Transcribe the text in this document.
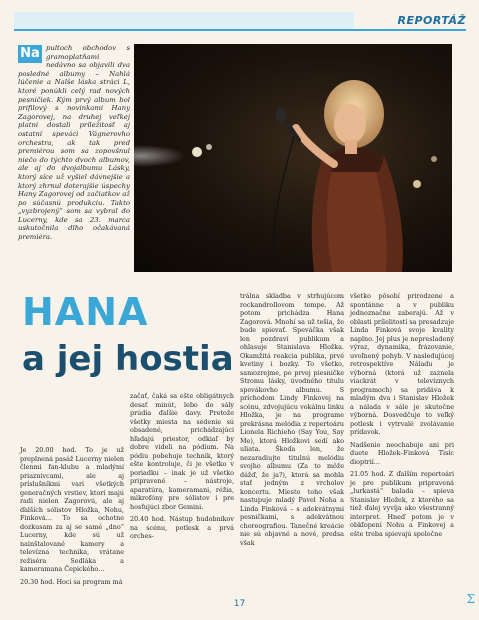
REPORTÁŽ
Na pultoch obchodov s gramoplatňami nedávno sa objavili dva posledné albumy – Nahlá lúčenie a Nalše láska stráci L, ktoré ponúkli celý rad nových pesničiek. Kým prvý album bol prifilový s novinkami Hany Zagorovej, na druhej veľkej platni dostali príležitosť aj ostatní speváci Vágnerovho orchestra, ak tak pred premiérou som sa zopovšnul niečo do týchto dvoch albumov, ale aj do dvojalbumu Lásky, ktorý síce už vyšiel dávnejšie a ktorý zhrnul doterajšie úspechy Hany Zagorovej od začiatkov až po súčasnú produkciu. Takto „vyzbrojený“ som sa vybral do Lucerny, kde sa 23. marca uskutočnila dlho očakávaná premiéra.
HANA
a jej hostia

Je 20.00 hod. To je už preplnená pasáž Lucerny nielen členmi fan-klubu a mladými priaznivcami, ale aj príslušníkmi vari všetkých generačných vrstiev, ktorí majú radi nielen Zagorovú, ale aj ďalších sólistov Hložka, Nohu, Finková… To sa ochotne dozkusam za aj se samé „dno“ Lucerny, kde sú už nainštalované kamery a televízna technika, vrátane režiséra Sedláka a kameramana Čepického…

20.30 hod. Hoci sa program má

začať, čaká sa ešte obligátnych desať minút, lebo do sály prúdia ďalšie davy. Pretože všetky miesta na sedenie sú obsadené, prichádzajúci hľadajú priestor, odkiaľ by dobre videli na pódium. Na pódiu pobehuje technik, ktorý ešte kontroluje, či je všetko v poriadku – inak je už všetko pripravené – nástroje, aparatúra, kameramani, réžia, mikrofóny pre sólistov i pre hosťujúci zbor Gemini.

20.40 hod. Nástup hudobníkov na scénu, potlesk a prvá orches-

trálna skladba v strhujúcom rockandrollovom tempe. Až potom prichádza Hana Zagorová. Mnohí sa už tešia, že bude spievať. Speváčka však len pozdraví publikum a ohlasuje Stanislava Hložka. Okamžitá reakcia publika, prvé kvetiny i bozky. To všetko, samozrejme, po prvej piesničke Stromu lásky, úvodného titulu spevákovho albumu. S príchodom Lindy Finkovej na scénu, zdvojujúcu vokálnu linku Hložka, je na programe prekrásna melódia z repertoáru Lionela Richieho (Say You, Say Me), ktorá Hložkovi sedí ako uliata. Škoda len, že nezaradiujte titulnú melódiu svojho albumu (Za to môže dážď, že ja?), ktorá sa mohla stať jedným z vrcholov koncertu. Miesto toho však nastupuje mladý Pavel Noha a Linda Finková – s adekvátnymi pesničkami, s adekvátnou choreografiou. Tanečné kreácie nie sú objavné a nové, predsa však

všetko pôsobí prirodzene a spontánne a v publiku jednoznačne zaberajú. Až v oblasti prílelitostí sa presadzuje Linda Finková svoje kvality naplno. Jej plus je nepresladený výraz, dynamika, frázovanie, uvoľnený pohyb. V nasledujúcej retrospektíve Náladu je výborná (ktorá už zaznela viackrát v televíznych programoch) sa pridáva k mladým dva i Stanislav Hložek a nálada v sále je skutočne výborná. Dosvedčuje to veľký potlesk i vytrvalé zvolávanie prídavok.

Nadšenie neochabuje ani pri duete Hložek–Finková Tisíc dioptrií…

21.05 hod. Z ďalším repertoári je pre publikum pripravená „lurkastá“ balada – spieva Stanislav Hložek, z ktorého sa tiež ďalej vyvíja ako všestranný interpret. Hneď potom je v obkľopení Nohu a Finkovej a ešte treba spievajú spoločne

17	Σ
